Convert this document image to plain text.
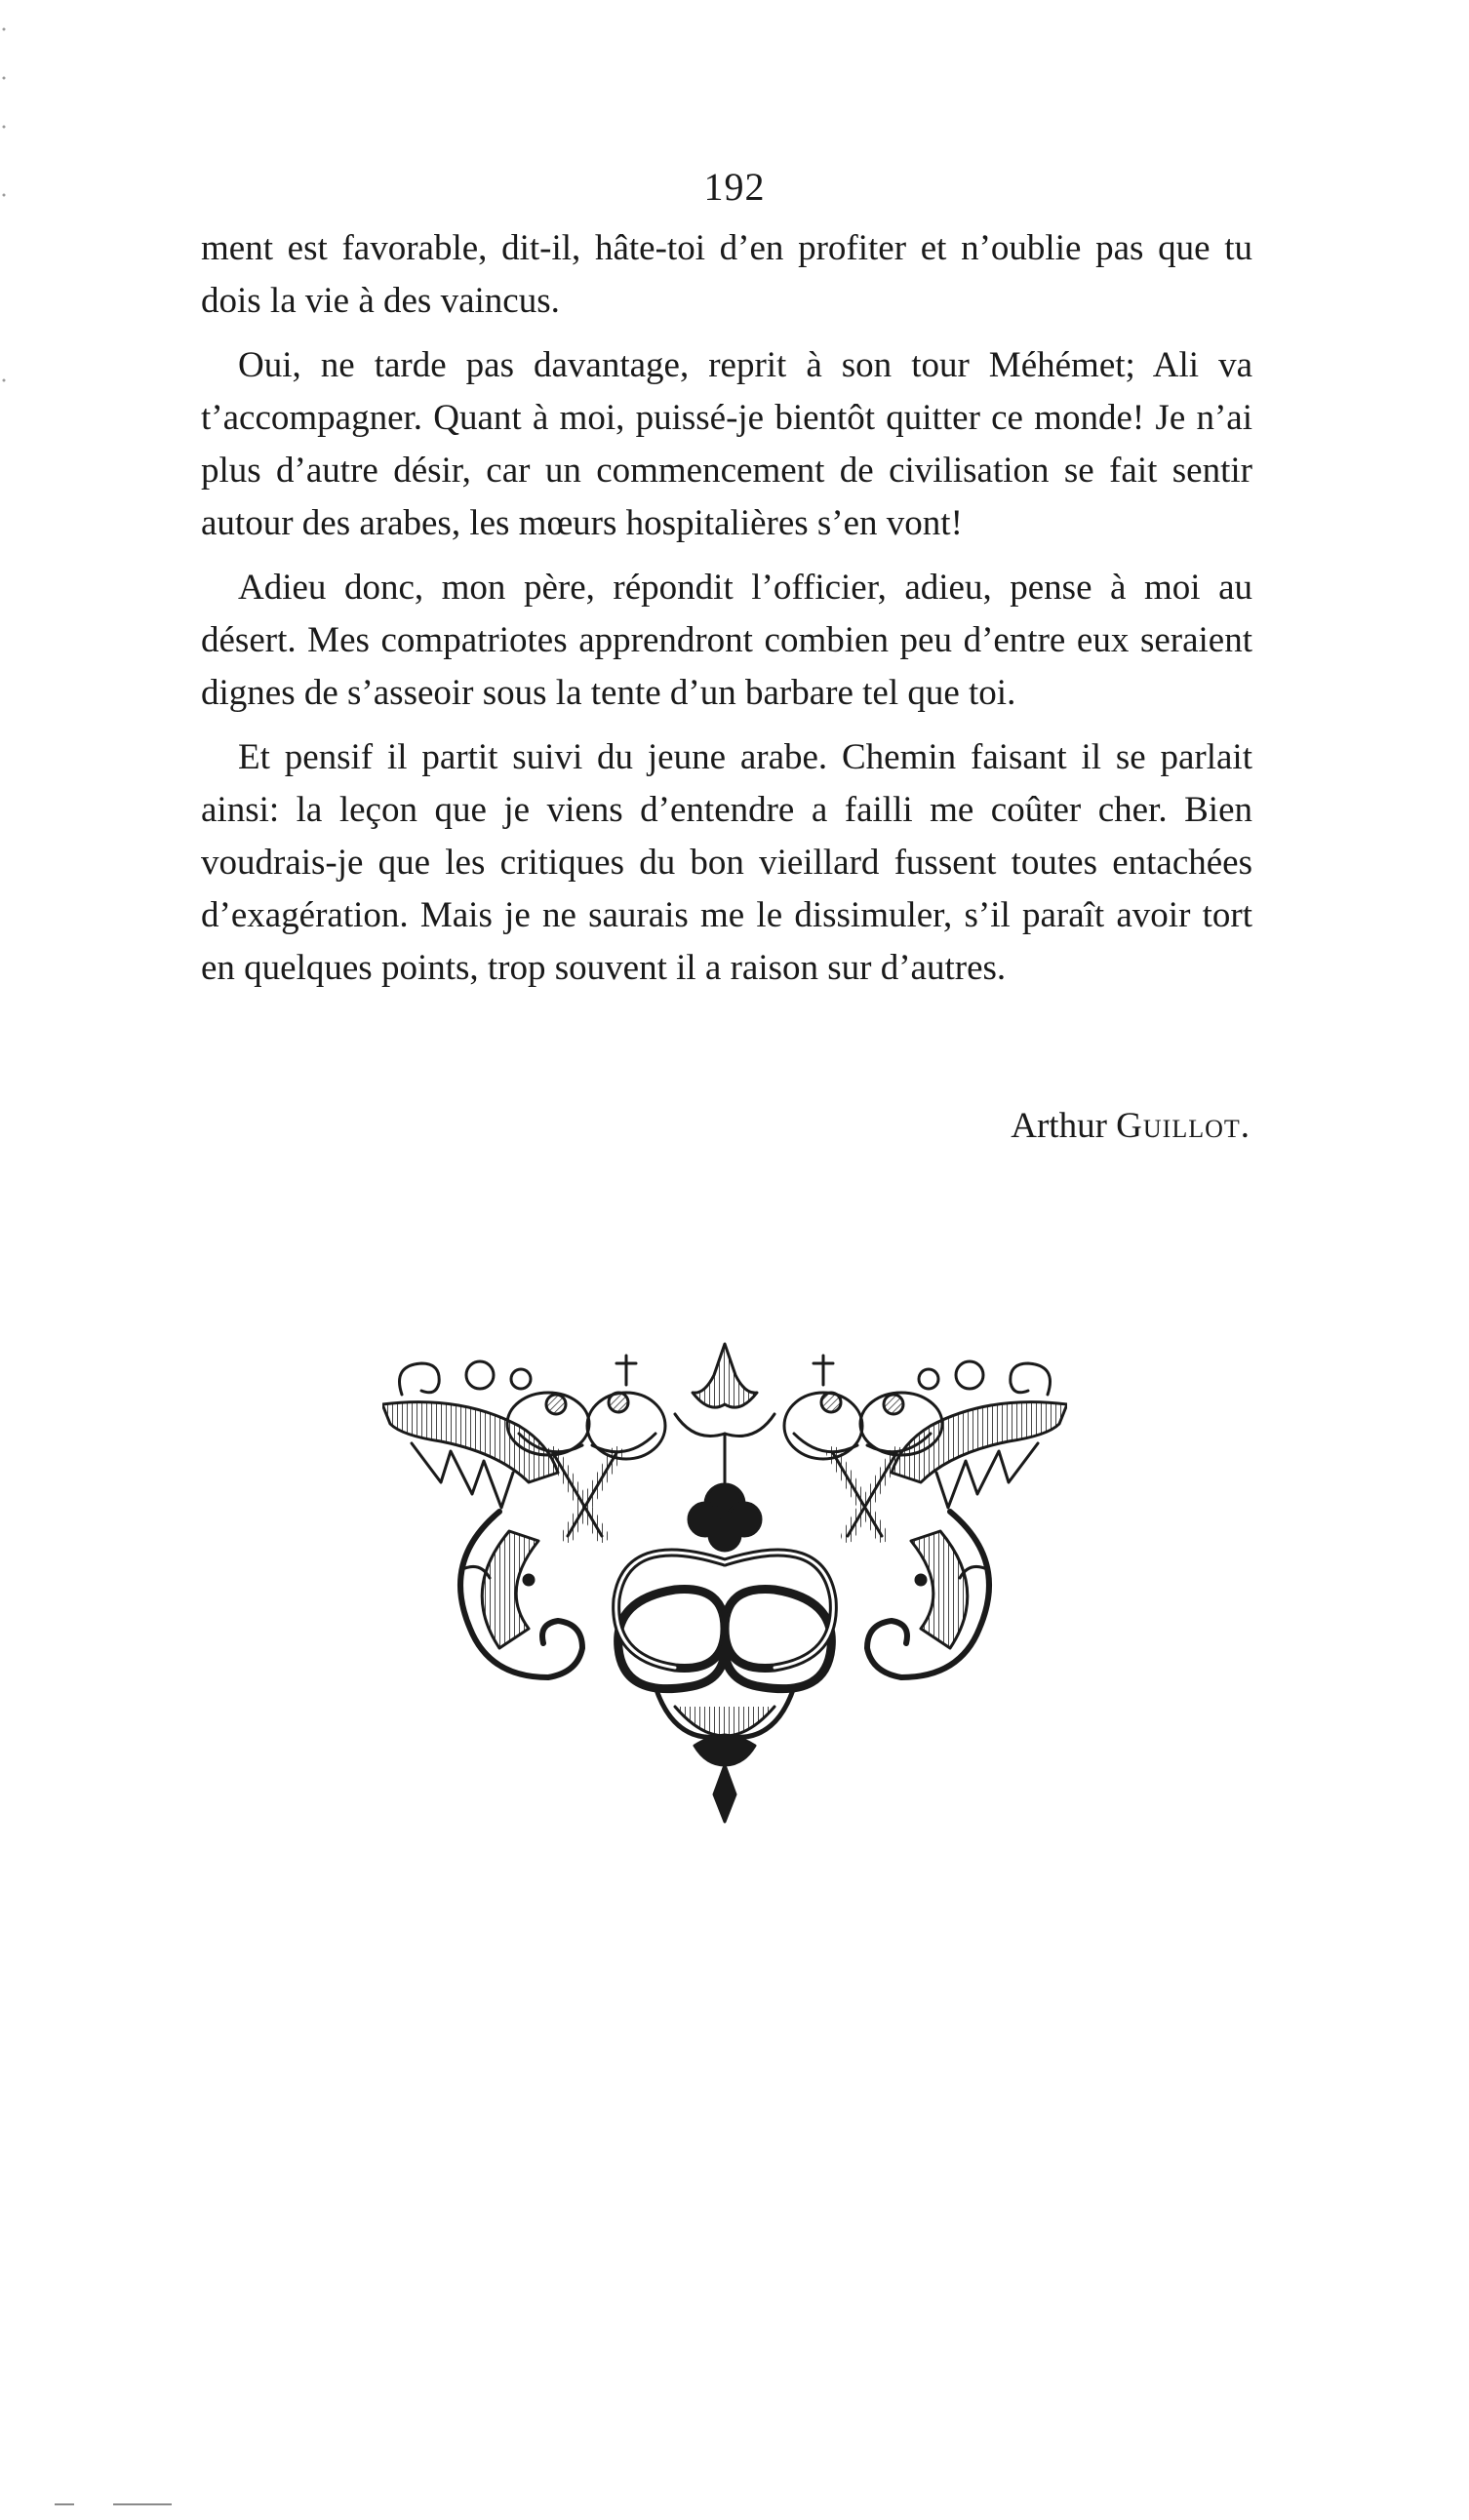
192

ment est favorable, dit-il, hâte-toi d’en profiter et n’oublie pas que tu dois la vie à des vaincus.

Oui, ne tarde pas davantage, reprit à son tour Méhémet; Ali va t’accompagner. Quant à moi, puissé-je bientôt quitter ce monde! Je n’ai plus d’autre désir, car un commencement de civilisation se fait sentir autour des arabes, les mœurs hospitalières s’en vont!

Adieu donc, mon père, répondit l’officier, adieu, pense à moi au désert. Mes compatriotes apprendront combien peu d’entre eux seraient dignes de s’asseoir sous la tente d’un barbare tel que toi.

Et pensif il partit suivi du jeune arabe. Chemin faisant il se parlait ainsi: la leçon que je viens d’entendre a failli me coûter cher. Bien voudrais-je que les critiques du bon vieillard fussent toutes entachées d’exagération. Mais je ne saurais me le dissimuler, s’il paraît avoir tort en quelques points, trop souvent il a raison sur d’autres.

Arthur Guillot.
